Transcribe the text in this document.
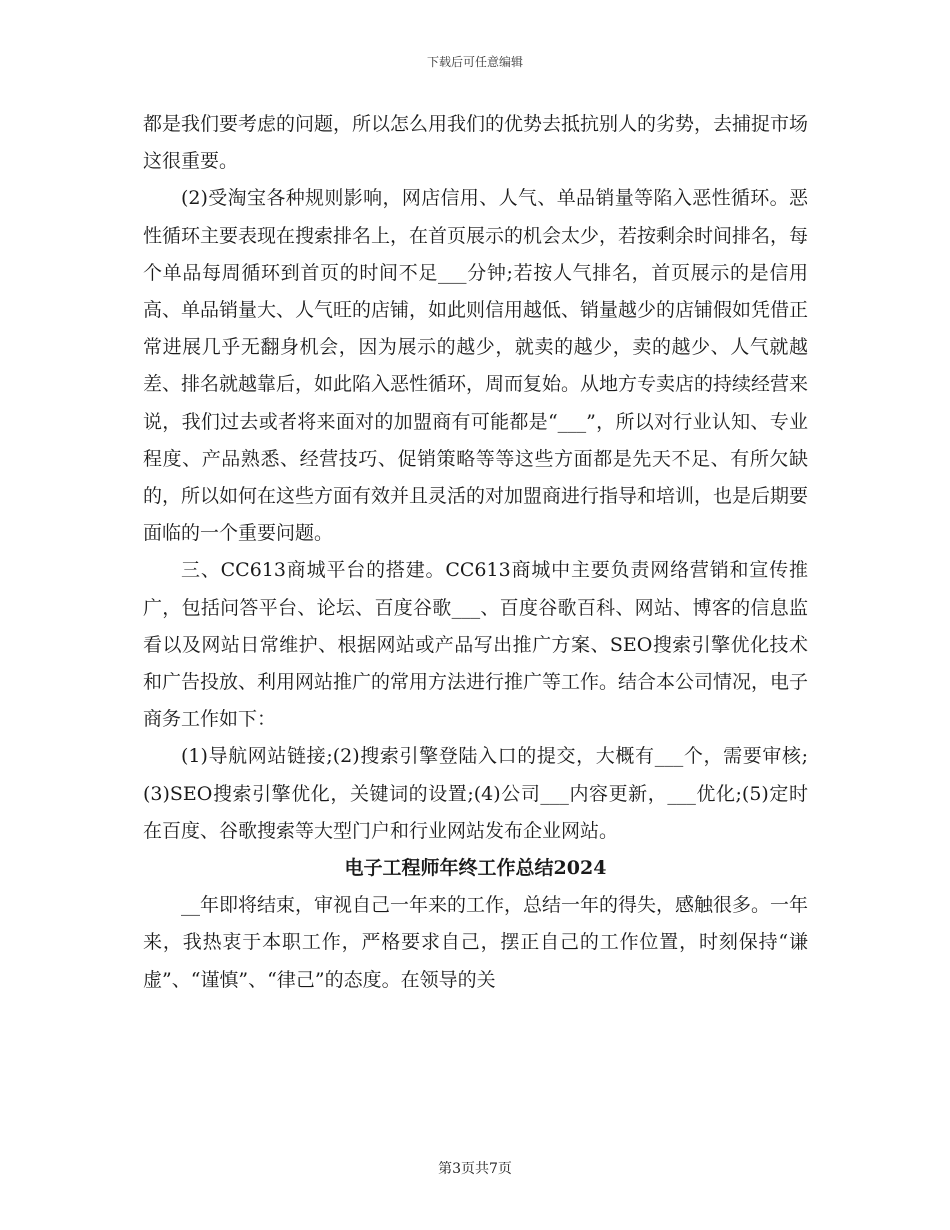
下载后可任意编辑

都是我们要考虑的问题，所以怎么用我们的优势去抵抗别人的劣势，去捕捉市场这很重要。

(2)受淘宝各种规则影响，网店信用、人气、单品销量等陷入恶性循环。恶性循环主要表现在搜索排名上，在首页展示的机会太少，若按剩余时间排名，每个单品每周循环到首页的时间不足___分钟;若按人气排名，首页展示的是信用高、单品销量大、人气旺的店铺，如此则信用越低、销量越少的店铺假如凭借正常进展几乎无翻身机会，因为展示的越少，就卖的越少，卖的越少、人气就越差、排名就越靠后，如此陷入恶性循环，周而复始。从地方专卖店的持续经营来说，我们过去或者将来面对的加盟商有可能都是“___”，所以对行业认知、专业程度、产品熟悉、经营技巧、促销策略等等这些方面都是先天不足、有所欠缺的，所以如何在这些方面有效并且灵活的对加盟商进行指导和培训，也是后期要面临的一个重要问题。

三、CC613商城平台的搭建。CC613商城中主要负责网络营销和宣传推广，包括问答平台、论坛、百度谷歌___、百度谷歌百科、网站、博客的信息监看以及网站日常维护、根据网站或产品写出推广方案、SEO搜索引擎优化技术和广告投放、利用网站推广的常用方法进行推广等工作。结合本公司情况，电子商务工作如下：

(1)导航网站链接;(2)搜索引擎登陆入口的提交，大概有___个，需要审核;(3)SEO搜索引擎优化，关键词的设置;(4)公司___内容更新，___优化;(5)定时在百度、谷歌搜索等大型门户和行业网站发布企业网站。

电子工程师年终工作总结2024

__年即将结束，审视自己一年来的工作，总结一年的得失，感触很多。一年来，我热衷于本职工作，严格要求自己，摆正自己的工作位置，时刻保持“谦虚”、“谨慎”、“律己”的态度。在领导的关

第3页共7页
